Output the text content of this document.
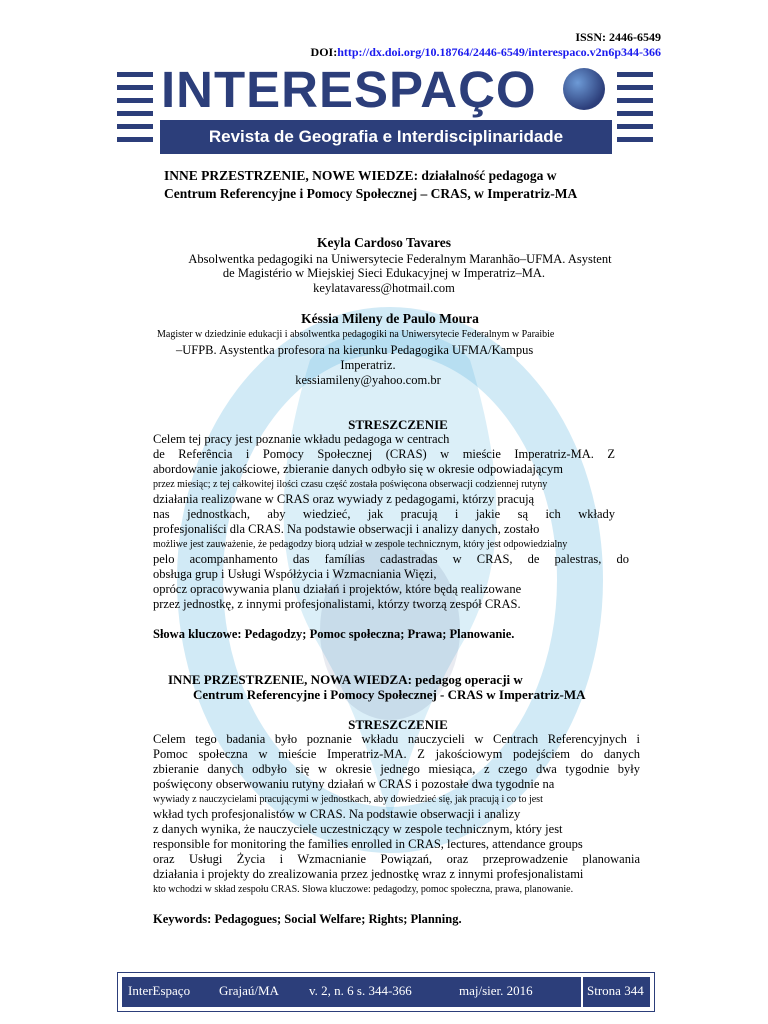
ISSN: 2446-6549
DOI:http://dx.doi.org/10.18764/2446-6549/interespaco.v2n6p344-366
INTERESPAÇO
Revista de Geografia e Interdisciplinaridade
INNE PRZESTRZENIE, NOWE WIEDZE: działalność pedagoga w
Centrum Referencyjne i Pomocy Społecznej – CRAS, w Imperatriz-MA
Keyla Cardoso Tavares
Absolwentka pedagogiki na Uniwersytecie Federalnym Maranhão–UFMA. Asystent
de Magistério w Miejskiej Sieci Edukacyjnej w Imperatriz–MA.
keylatavaress@hotmail.com
Késsia Mileny de Paulo Moura
Magister w dziedzinie edukacji i absolwentka pedagogiki na Uniwersytecie Federalnym w Paraibie
–UFPB. Asystentka profesora na kierunku Pedagogika UFMA/Kampus
Imperatriz.
kessiamileny@yahoo.com.br
STRESZCZENIE
Celem tej pracy jest poznanie wkładu pedagoga w centrach
de Referência i Pomocy Społecznej (CRAS) w mieście Imperatriz-MA. Z
abordowanie jakościowe, zbieranie danych odbyło się w okresie odpowiadającym
przez miesiąc; z tej całkowitej ilości czasu część została poświęcona obserwacji codziennej rutyny
działania realizowane w CRAS oraz wywiady z pedagogami, którzy pracują
nas jednostkach, aby wiedzieć, jak pracują i jakie są ich wkłady
profesjonaliści dla CRAS. Na podstawie obserwacji i analizy danych, zostało
możliwe jest zauważenie, że pedagodzy biorą udział w zespole technicznym, który jest odpowiedzialny
pelo acompanhamento das famílias cadastradas w CRAS, de palestras, do
obsługa grup i Usługi Współżycia i Wzmacniania Więzi,
oprócz opracowywania planu działań i projektów, które będą realizowane
przez jednostkę, z innymi profesjonalistami, którzy tworzą zespół CRAS.
Słowa kluczowe: Pedagodzy; Pomoc społeczna; Prawa; Planowanie.
INNE PRZESTRZENIE, NOWA WIEDZA: pedagog operacji w
Centrum Referencyjne i Pomocy Społecznej - CRAS w Imperatriz-MA
STRESZCZENIE
Celem tego badania było poznanie wkładu nauczycieli w Centrach Referencyjnych i
Pomoc społeczna w mieście Imperatriz-MA. Z jakościowym podejściem do danych
zbieranie danych odbyło się w okresie jednego miesiąca, z czego dwa tygodnie były
poświęcony obserwowaniu rutyny działań w CRAS i pozostałe dwa tygodnie na
wywiady z nauczycielami pracującymi w jednostkach, aby dowiedzieć się, jak pracują i co to jest
wkład tych profesjonalistów w CRAS. Na podstawie obserwacji i analizy
z danych wynika, że nauczyciele uczestniczący w zespole technicznym, który jest
responsible for monitoring the families enrolled in CRAS, lectures, attendance groups
oraz Usługi Życia i Wzmacnianie Powiązań, oraz przeprowadzenie planowania
działania i projekty do zrealizowania przez jednostkę wraz z innymi profesjonalistami
kto wchodzi w skład zespołu CRAS. Słowa kluczowe: pedagodzy, pomoc społeczna, prawa, planowanie.
Keywords: Pedagogues; Social Welfare; Rights; Planning.
InterEspaço Grajaú/MA v. 2, n. 6 s. 344-366	maj/sier. 2016	Strona 344
